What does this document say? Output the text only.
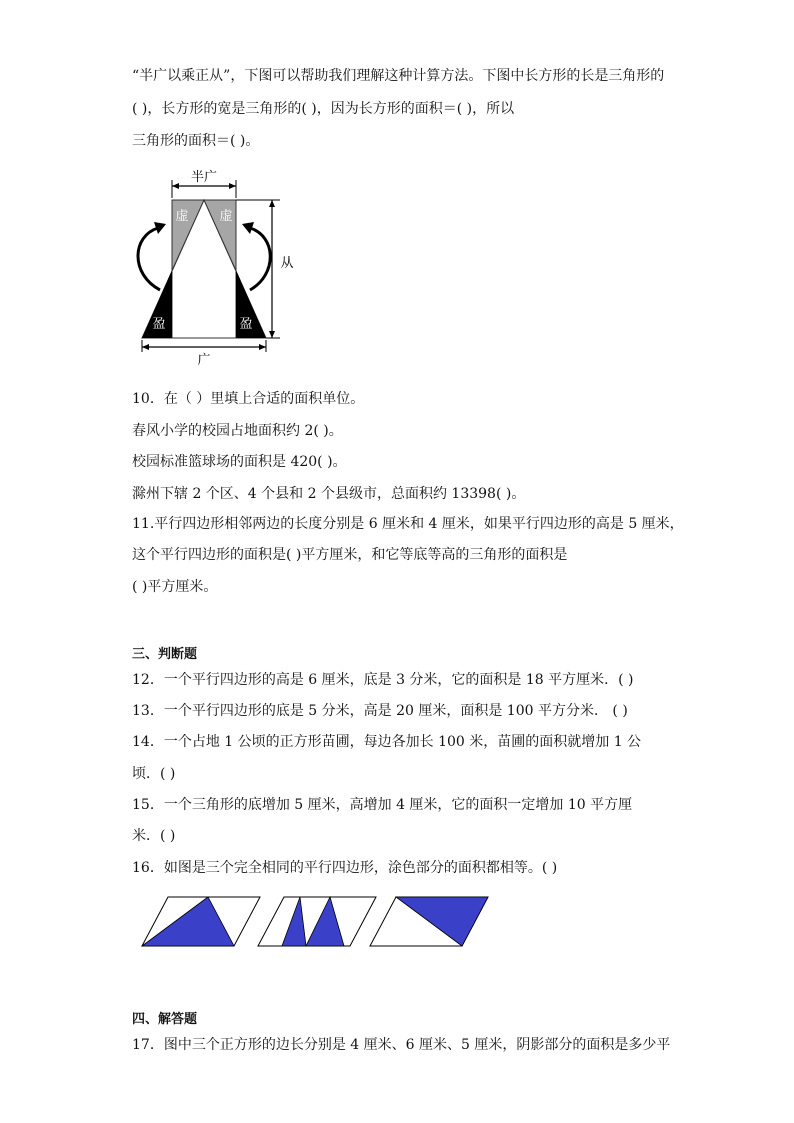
“半广以乘正从”，下图可以帮助我们理解这种计算方法。下图中长方形的长是三角形的
( )，长方形的宽是三角形的( )，因为长方形的面积＝( )，所以
三角形的面积＝( )。
半广
虚 虚
盈	盈
从
广
10．在（ ）里填上合适的面积单位。
春风小学的校园占地面积约 2( )。
校园标准篮球场的面积是 420( )。
滁州下辖 2 个区、4 个县和 2 个县级市，总面积约 13398( )。
11.平行四边形相邻两边的长度分别是 6 厘米和 4 厘米，如果平行四边形的高是 5 厘米，
这个平行四边形的面积是( )平方厘米，和它等底等高的三角形的面积是
( )平方厘米。
三、判断题
12．一个平行四边形的高是 6 厘米，底是 3 分米，它的面积是 18 平方厘米．( )
13．一个平行四边形的底是 5 分米，高是 20 厘米，面积是 100 平方分米． ( )
14．一个占地 1 公顷的正方形苗圃，每边各加长 100 米，苗圃的面积就增加 1 公
顷．( )
15．一个三角形的底增加 5 厘米，高增加 4 厘米，它的面积一定增加 10 平方厘
米．( )
16．如图是三个完全相同的平行四边形，涂色部分的面积都相等。( )
四、解答题
17．图中三个正方形的边长分别是 4 厘米、6 厘米、5 厘米，阴影部分的面积是多少平
